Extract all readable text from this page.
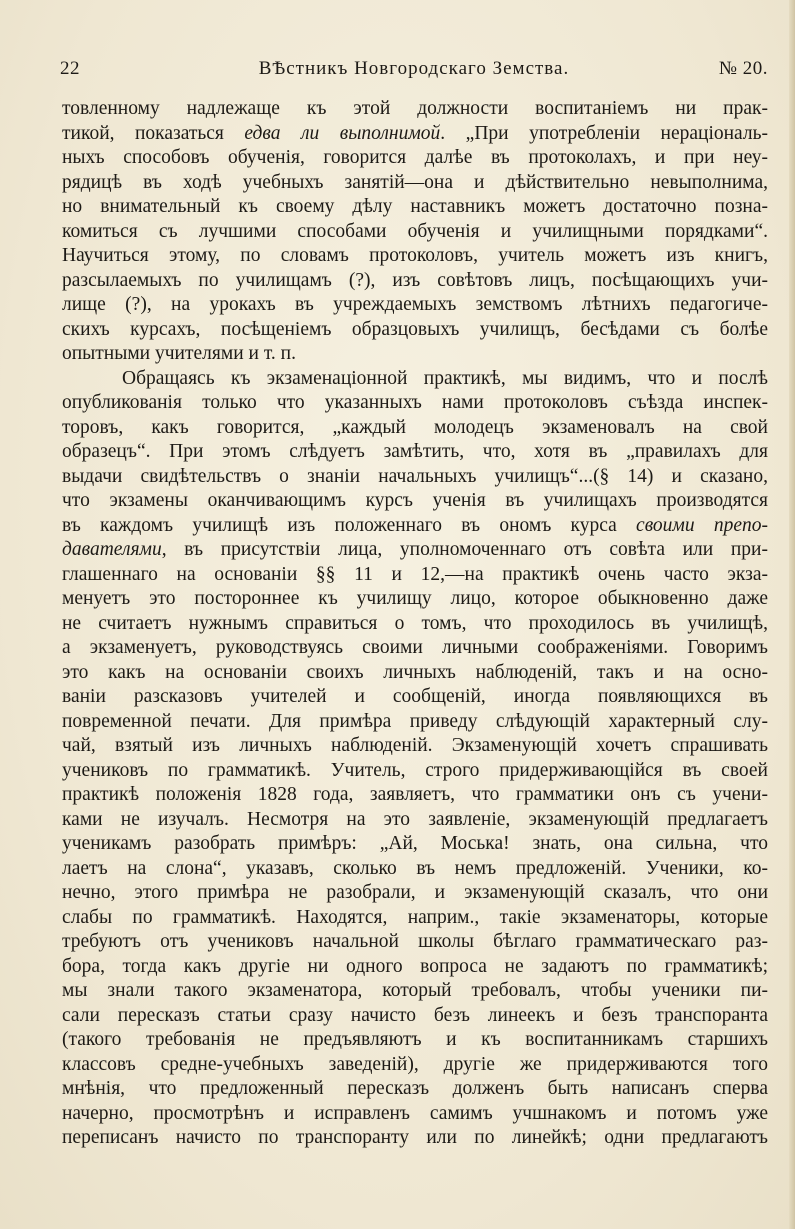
22	ВѢстникъ Новгородскаго Земства.	№ 20.
товленному надлежаще къ этой должности воспитаніемъ ни прак-
тикой, показаться едва ли выполнимой. „При употребленіи нераціональ-
ныхъ способовъ обученія, говорится далѣе въ протоколахъ, и при неу-
рядицѣ въ ходѣ учебныхъ занятій—она и дѣйствительно невыполнима,
но внимательный къ своему дѣлу наставникъ можетъ достаточно позна-
комиться съ лучшими способами обученія и училищными порядками“.
Научиться этому, по словамъ протоколовъ, учитель можетъ изъ книгъ,
разсылаемыхъ по училищамъ (?), изъ совѣтовъ лицъ, посѣщающихъ учи-
лище (?), на урокахъ въ учреждаемыхъ земствомъ лѣтнихъ педагогиче-
скихъ курсахъ, посѣщеніемъ образцовыхъ училищъ, бесѣдами съ болѣе
опытными учителями и т. п.
Обращаясь къ экзаменаціонной практикѣ, мы видимъ, что и послѣ
опубликованія только что указанныхъ нами протоколовъ съѣзда инспек-
торовъ, какъ говорится, „каждый молодецъ экзаменовалъ на свой
образецъ“. При этомъ слѣдуетъ замѣтить, что, хотя въ „правилахъ для
выдачи свидѣтельствъ о знаніи начальныхъ училищъ“...(§ 14) и сказано,
что экзамены оканчивающимъ курсъ ученія въ училищахъ производятся
въ каждомъ училищѣ изъ положеннаго въ ономъ курса своими препо-
давателями, въ присутствіи лица, уполномоченнаго отъ совѣта или при-
глашеннаго на основаніи §§ 11 и 12,—на практикѣ очень часто экза-
менуетъ это постороннее къ училищу лицо, которое обыкновенно даже
не считаетъ нужнымъ справиться о томъ, что проходилось въ училищѣ,
а экзаменуетъ, руководствуясь своими личными соображеніями. Говоримъ
это какъ на основаніи своихъ личныхъ наблюденій, такъ и на осно-
ваніи разсказовъ учителей и сообщеній, иногда появляющихся въ
повременной печати. Для примѣра приведу слѣдующій характерный слу-
чай, взятый изъ личныхъ наблюденій. Экзаменующій хочетъ спрашивать
учениковъ по грамматикѣ. Учитель, строго придерживающійся въ своей
практикѣ положенія 1828 года, заявляетъ, что грамматики онъ съ учени-
ками не изучалъ. Несмотря на это заявленіе, экзаменующій предлагаетъ
ученикамъ разобрать примѣръ: „Ай, Моська! знать, она сильна, что
лаетъ на слона“, указавъ, сколько въ немъ предложеній. Ученики, ко-
нечно, этого примѣра не разобрали, и экзаменующій сказалъ, что они
слабы по грамматикѣ. Находятся, наприм., такіе экзаменаторы, которые
требуютъ отъ учениковъ начальной школы бѣглаго грамматическаго раз-
бора, тогда какъ другіе ни одного вопроса не задаютъ по грамматикѣ;
мы знали такого экзаменатора, который требовалъ, чтобы ученики пи-
сали пересказъ статьи сразу начисто безъ линеекъ и безъ транспоранта
(такого требованія не предъявляютъ и къ воспитанникамъ старшихъ
классовъ средне-учебныхъ заведеній), другіе же придерживаются того
мнѣнія, что предложенный пересказъ долженъ быть написанъ сперва
начерно, просмотрѣнъ и исправленъ самимъ учшнакомъ и потомъ уже
переписанъ начисто по транспоранту или по линейкѣ; одни предлагаютъ
